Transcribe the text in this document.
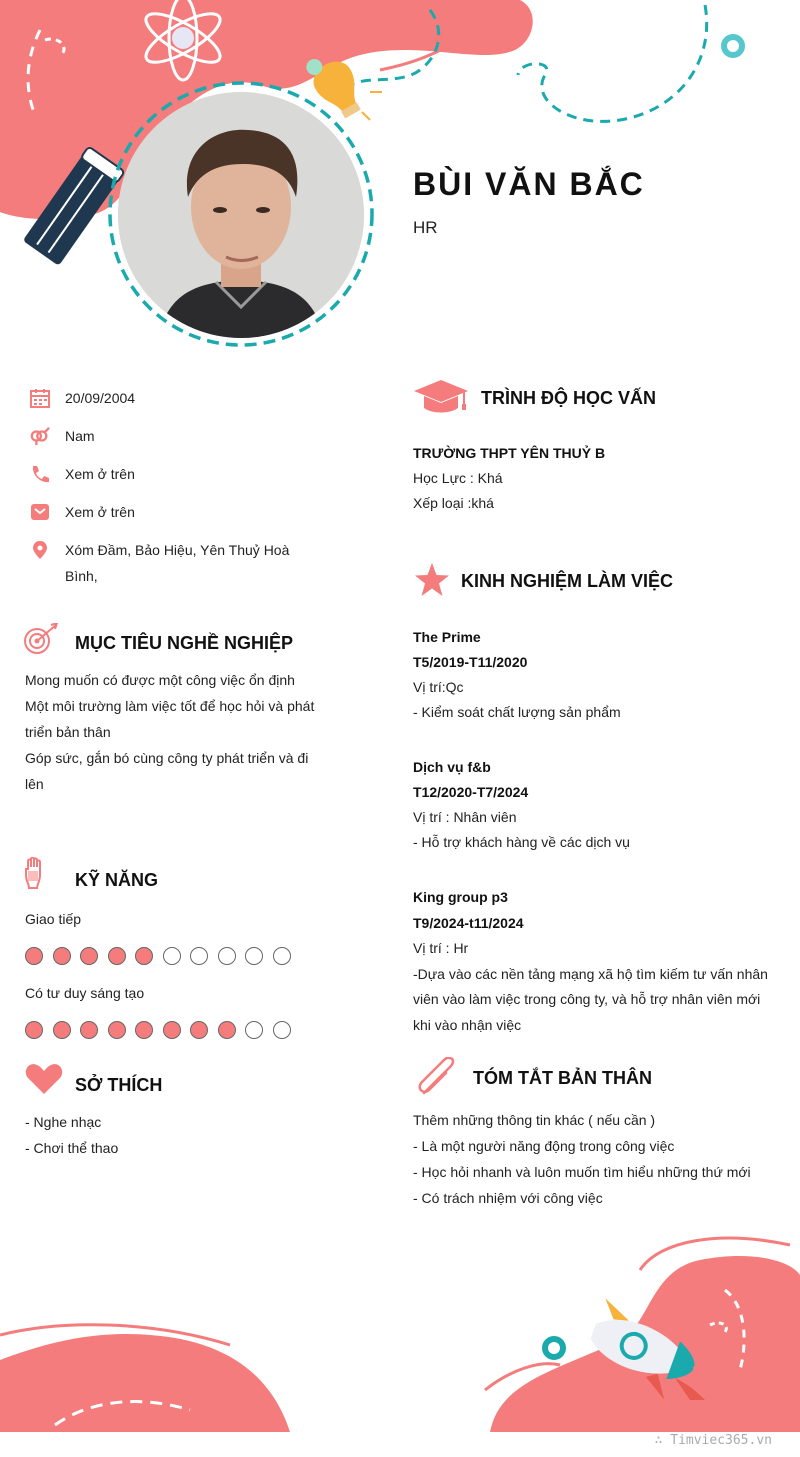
BÙI VĂN BẮC
HR
20/09/2004
Nam
Xem ở trên
Xem ở trên
Xóm Đầm, Bảo Hiệu, Yên Thuỷ Hoà
Bình,
MỤC TIÊU NGHỀ NGHIỆP
Mong muốn có được một công việc ổn định
Một môi trường làm việc tốt để học hỏi và phát
triển bản thân
Góp sức, gắn bó cùng công ty phát triển và đi
lên
KỸ NĂNG
Giao tiếp
Có tư duy sáng tạo
SỞ THÍCH
- Nghe nhạc
- Chơi thể thao
TRÌNH ĐỘ HỌC VẤN
TRƯỜNG THPT YÊN THUỶ B
Học Lực : Khá
Xếp loại :khá
KINH NGHIỆM LÀM VIỆC
The Prime
T5/2019-T11/2020
Vị trí:Qc
- Kiểm soát chất lượng sản phẩm
Dịch vụ f&b
T12/2020-T7/2024
Vị trí : Nhân viên
- Hỗ trợ khách hàng về các dịch vụ
King group p3
T9/2024-t11/2024
Vị trí : Hr
-Dựa vào các nền tảng mạng xã hộ tìm kiếm tư vấn nhân
viên vào làm việc trong công ty, và hỗ trợ nhân viên mới
khi vào nhận việc
TÓM TẮT BẢN THÂN
Thêm những thông tin khác ( nếu cần )
- Là một người năng động trong công việc
- Học hỏi nhanh và luôn muốn tìm hiểu những thứ mới
- Có trách nhiệm với công việc
∴ Timviec365.vn
